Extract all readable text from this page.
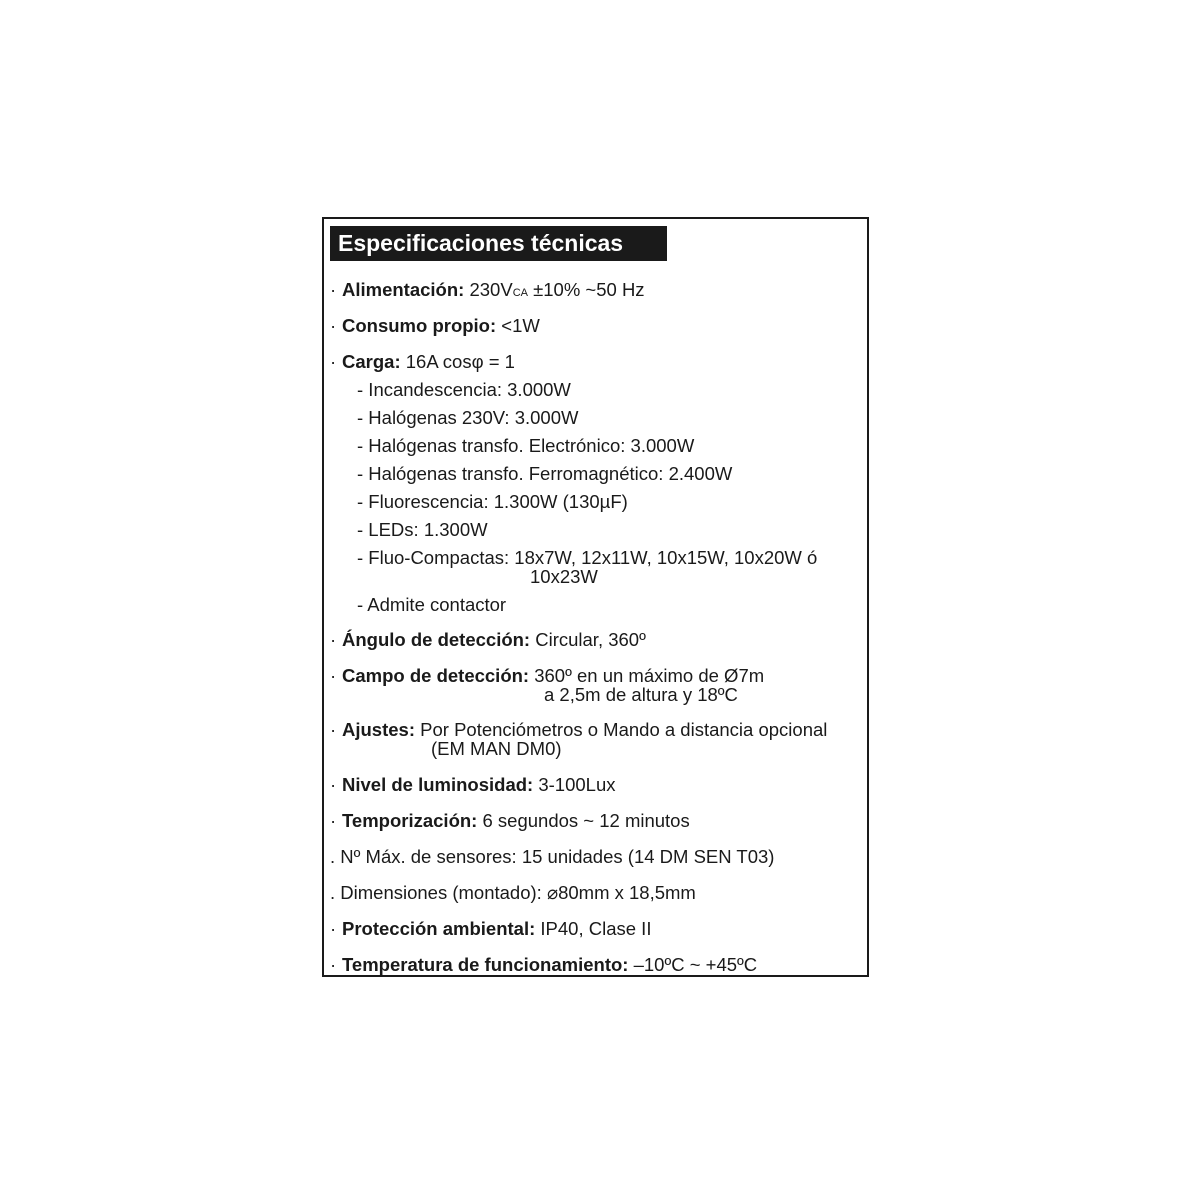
Especificaciones técnicas
· Alimentación: 230VCA ±10% ~50 Hz
· Consumo propio: <1W
· Carga: 16A cosφ = 1
- Incandescencia: 3.000W
- Halógenas 230V: 3.000W
- Halógenas transfo. Electrónico: 3.000W
- Halógenas transfo. Ferromagnético: 2.400W
- Fluorescencia: 1.300W (130µF)
- LEDs: 1.300W
- Fluo-Compactas: 18x7W, 12x11W, 10x15W, 10x20W ó
10x23W
- Admite contactor
· Ángulo de detección: Circular, 360º
· Campo de detección: 360º en un máximo de Ø7m
a 2,5m de altura y 18ºC
· Ajustes: Por Potenciómetros o Mando a distancia opcional
(EM MAN DM0)
· Nivel de luminosidad: 3-100Lux
· Temporización: 6 segundos ~ 12 minutos
. Nº Máx. de sensores: 15 unidades (14 DM SEN T03)
. Dimensiones (montado): ⌀80mm x 18,5mm
· Protección ambiental: IP40, Clase II
· Temperatura de funcionamiento: –10ºC ~ +45ºC
